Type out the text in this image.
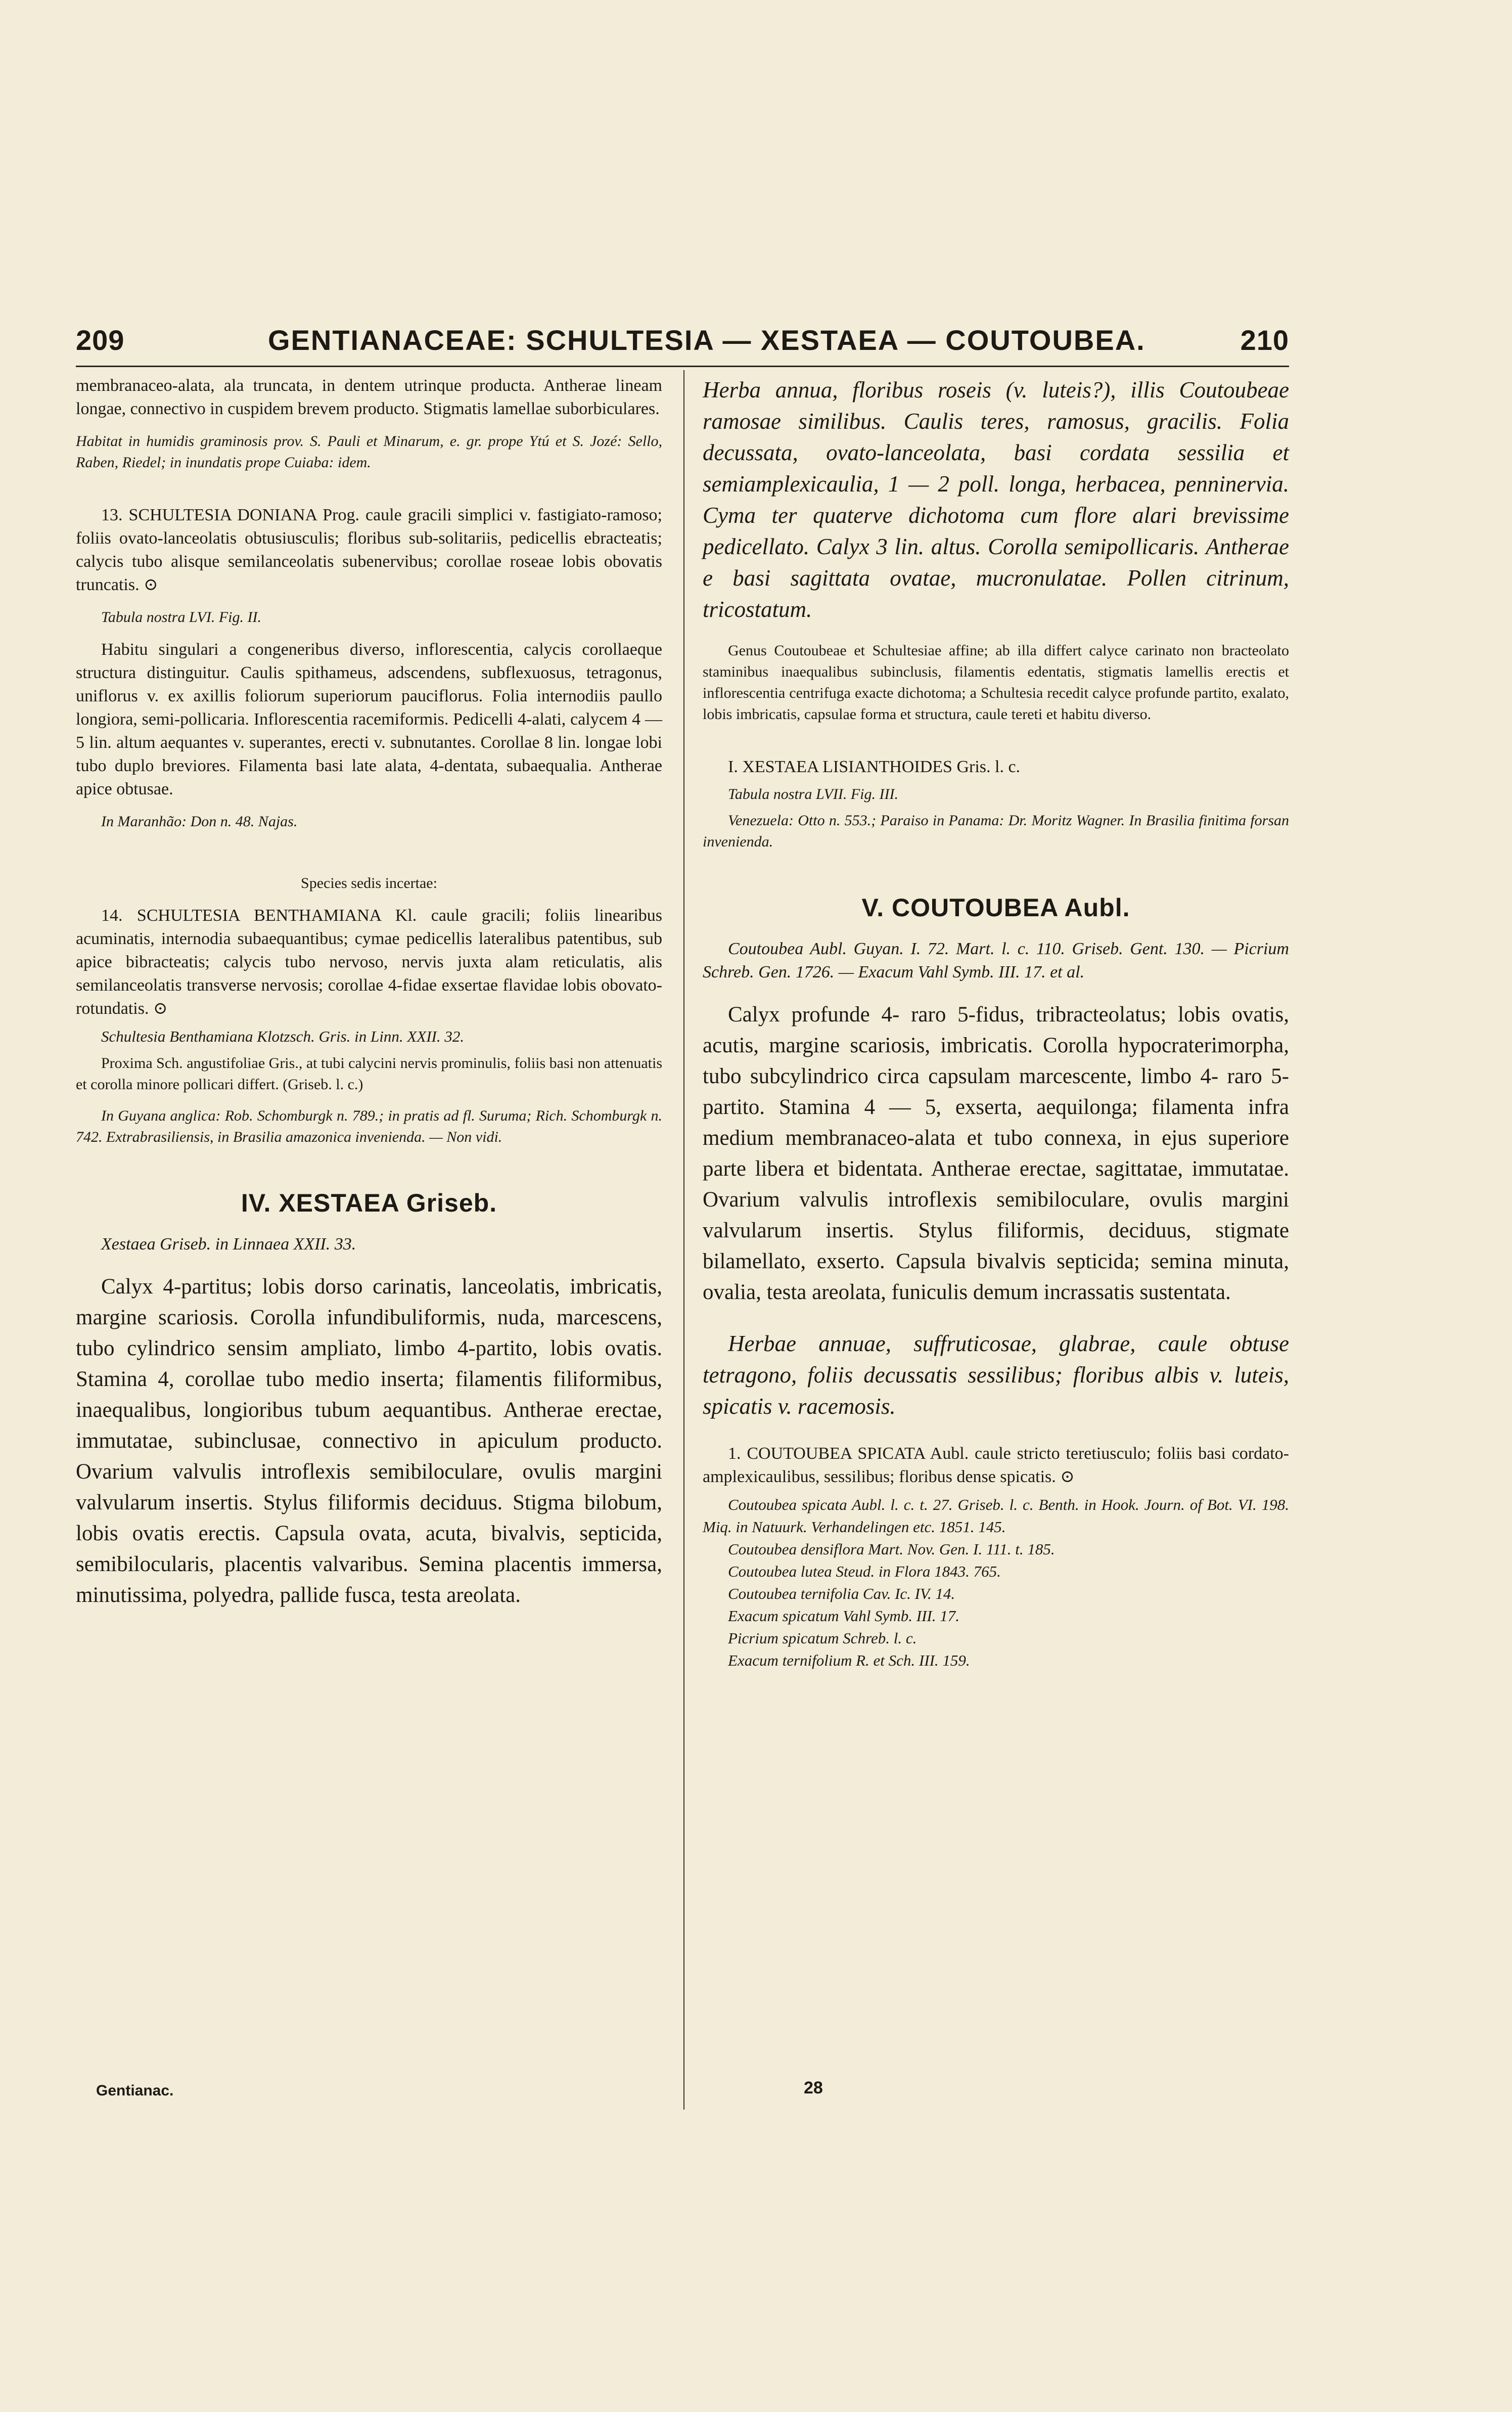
209	GENTIANACEAE: SCHULTESIA — XESTAEA — COUTOUBEA.	210

membranaceo-alata, ala truncata, in dentem utrinque producta. Antherae lineam longae, connectivo in cuspidem brevem producto. Stigmatis lamellae suborbiculares.

Habitat in humidis graminosis prov. S. Pauli et Minarum, e. gr. prope Ytú et S. Jozé: Sello, Raben, Riedel; in inundatis prope Cuiaba: idem.

13. SCHULTESIA DONIANA Prog. caule gracili simplici v. fastigiato-ramoso; foliis ovato-lanceolatis obtusiusculis; floribus sub-solitariis, pedicellis ebracteatis; calycis tubo alisque semilanceolatis subenervibus; corollae roseae lobis obovatis truncatis. ⊙

Tabula nostra LVI. Fig. II.

Habitu singulari a congeneribus diverso, inflorescentia, calycis corollaeque structura distinguitur. Caulis spithameus, adscendens, subflexuosus, tetragonus, uniflorus v. ex axillis foliorum superiorum pauciflorus. Folia internodiis paullo longiora, semi-pollicaria. Inflorescentia racemiformis. Pedicelli 4-alati, calycem 4 — 5 lin. altum aequantes v. superantes, erecti v. subnutantes. Corollae 8 lin. longae lobi tubo duplo breviores. Filamenta basi late alata, 4-dentata, subaequalia. Antherae apice obtusae.

In Maranhão: Don n. 48. Najas.

Species sedis incertae:

14. SCHULTESIA BENTHAMIANA Kl. caule gracili; foliis linearibus acuminatis, internodia subaequantibus; cymae pedicellis lateralibus patentibus, sub apice bibracteatis; calycis tubo nervoso, nervis juxta alam reticulatis, alis semilanceolatis transverse nervosis; corollae 4-fidae exsertae flavidae lobis obovato-rotundatis. ⊙

Schultesia Benthamiana Klotzsch. Gris. in Linn. XXII. 32.

Proxima Sch. angustifoliae Gris., at tubi calycini nervis prominulis, foliis basi non attenuatis et corolla minore pollicari differt. (Griseb. l. c.)

In Guyana anglica: Rob. Schomburgk n. 789.; in pratis ad fl. Suruma; Rich. Schomburgk n. 742. Extrabrasiliensis, in Brasilia amazonica invenienda. — Non vidi.

IV. XESTAEA Griseb.

Xestaea Griseb. in Linnaea XXII. 33.

Calyx 4-partitus; lobis dorso carinatis, lanceolatis, imbricatis, margine scariosis. Corolla infundibuliformis, nuda, marcescens, tubo cylindrico sensim ampliato, limbo 4-partito, lobis ovatis. Stamina 4, corollae tubo medio inserta; filamentis filiformibus, inaequalibus, longioribus tubum aequantibus. Antherae erectae, immutatae, subinclusae, connectivo in apiculum producto. Ovarium valvulis introflexis semibiloculare, ovulis margini valvularum insertis. Stylus filiformis deciduus. Stigma bilobum, lobis ovatis erectis. Capsula ovata, acuta, bivalvis, septicida, semibilocularis, placentis valvaribus. Semina placentis immersa, minutissima, polyedra, pallide fusca, testa areolata.

Herba annua, floribus roseis (v. luteis?), illis Coutoubeae ramosae similibus. Caulis teres, ramosus, gracilis. Folia decussata, ovato-lanceolata, basi cordata sessilia et semiamplexicaulia, 1 — 2 poll. longa, herbacea, penninervia. Cyma ter quaterve dichotoma cum flore alari brevissime pedicellato. Calyx 3 lin. altus. Corolla semipollicaris. Antherae e basi sagittata ovatae, mucronulatae. Pollen citrinum, tricostatum.

Genus Coutoubeae et Schultesiae affine; ab illa differt calyce carinato non bracteolato staminibus inaequalibus subinclusis, filamentis edentatis, stigmatis lamellis erectis et inflorescentia centrifuga exacte dichotoma; a Schultesia recedit calyce profunde partito, exalato, lobis imbricatis, capsulae forma et structura, caule tereti et habitu diverso.

I. XESTAEA LISIANTHOIDES Gris. l. c.

Tabula nostra LVII. Fig. III.

Venezuela: Otto n. 553.; Paraiso in Panama: Dr. Moritz Wagner. In Brasilia finitima forsan invenienda.

V. COUTOUBEA Aubl.

Coutoubea Aubl. Guyan. I. 72. Mart. l. c. 110. Griseb. Gent. 130. — Picrium Schreb. Gen. 1726. — Exacum Vahl Symb. III. 17. et al.

Calyx profunde 4- raro 5-fidus, tribracteolatus; lobis ovatis, acutis, margine scariosis, imbricatis. Corolla hypocraterimorpha, tubo subcylindrico circa capsulam marcescente, limbo 4- raro 5-partito. Stamina 4 — 5, exserta, aequilonga; filamenta infra medium membranaceo-alata et tubo connexa, in ejus superiore parte libera et bidentata. Antherae erectae, sagittatae, immutatae. Ovarium valvulis introflexis semibiloculare, ovulis margini valvularum insertis. Stylus filiformis, deciduus, stigmate bilamellato, exserto. Capsula bivalvis septicida; semina minuta, ovalia, testa areolata, funiculis demum incrassatis sustentata.

Herbae annuae, suffruticosae, glabrae, caule obtuse tetragono, foliis decussatis sessilibus; floribus albis v. luteis, spicatis v. racemosis.

1. COUTOUBEA SPICATA Aubl. caule stricto teretiusculo; foliis basi cordato-amplexicaulibus, sessilibus; floribus dense spicatis. ⊙

Coutoubea spicata Aubl. l. c. t. 27. Griseb. l. c. Benth. in Hook. Journ. of Bot. VI. 198. Miq. in Natuurk. Verhandelingen etc. 1851. 145.

Coutoubea densiflora Mart. Nov. Gen. I. 111. t. 185.

Coutoubea lutea Steud. in Flora 1843. 765.

Coutoubea ternifolia Cav. Ic. IV. 14.

Exacum spicatum Vahl Symb. III. 17.

Picrium spicatum Schreb. l. c.

Exacum ternifolium R. et Sch. III. 159.

Gentianac.	28
